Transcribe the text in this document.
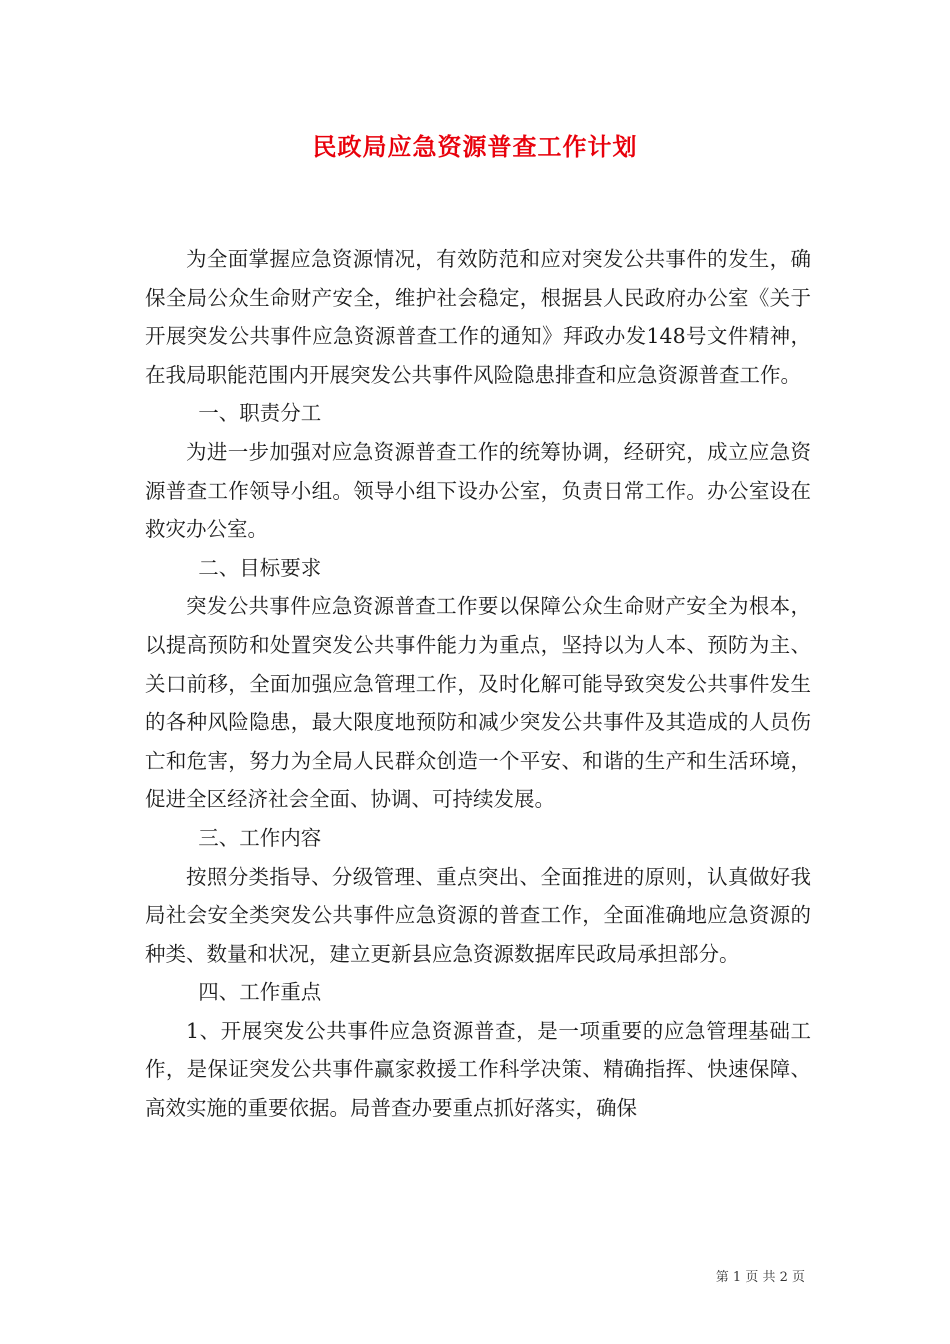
民政局应急资源普查工作计划

为全面掌握应急资源情况，有效防范和应对突发公共事件的发生，确保全局公众生命财产安全，维护社会稳定，根据县人民政府办公室《关于开展突发公共事件应急资源普查工作的通知》拜政办发148号文件精神，在我局职能范围内开展突发公共事件风险隐患排查和应急资源普查工作。

一、职责分工

为进一步加强对应急资源普查工作的统筹协调，经研究，成立应急资源普查工作领导小组。领导小组下设办公室，负责日常工作。办公室设在救灾办公室。

二、目标要求

突发公共事件应急资源普查工作要以保障公众生命财产安全为根本，以提高预防和处置突发公共事件能力为重点，坚持以为人本、预防为主、关口前移，全面加强应急管理工作，及时化解可能导致突发公共事件发生的各种风险隐患，最大限度地预防和减少突发公共事件及其造成的人员伤亡和危害，努力为全局人民群众创造一个平安、和谐的生产和生活环境，促进全区经济社会全面、协调、可持续发展。

三、工作内容

按照分类指导、分级管理、重点突出、全面推进的原则，认真做好我局社会安全类突发公共事件应急资源的普查工作，全面准确地应急资源的种类、数量和状况，建立更新县应急资源数据库民政局承担部分。

四、工作重点

1、开展突发公共事件应急资源普查，是一项重要的应急管理基础工作，是保证突发公共事件赢家救援工作科学决策、精确指挥、快速保障、高效实施的重要依据。局普查办要重点抓好落实，确保

第 1 页 共 2 页
